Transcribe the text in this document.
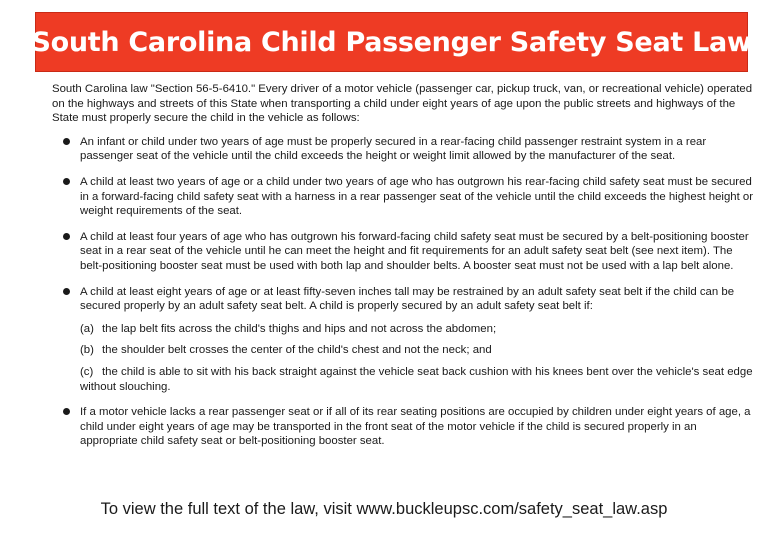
South Carolina Child Passenger Safety Seat Law

South Carolina law "Section 56-5-6410." Every driver of a motor vehicle (passenger car, pickup truck, van, or recreational vehicle) operated on the highways and streets of this State when transporting a child under eight years of age upon the public streets and highways of the State must properly secure the child in the vehicle as follows:

An infant or child under two years of age must be properly secured in a rear-facing child passenger restraint system in a rear passenger seat of the vehicle until the child exceeds the height or weight limit allowed by the manufacturer of the seat.
A child at least two years of age or a child under two years of age who has outgrown his rear-facing child safety seat must be secured in a forward-facing child safety seat with a harness in a rear passenger seat of the vehicle until the child exceeds the highest height or weight requirements of the seat.
A child at least four years of age who has outgrown his forward-facing child safety seat must be secured by a belt-positioning booster seat in a rear seat of the vehicle until he can meet the height and fit requirements for an adult safety seat belt (see next item). The belt-positioning booster seat must be used with both lap and shoulder belts. A booster seat must not be used with a lap belt alone.
A child at least eight years of age or at least fifty-seven inches tall may be restrained by an adult safety seat belt if the child can be secured properly by an adult safety seat belt. A child is properly secured by an adult safety seat belt if:
(a) the lap belt fits across the child's thighs and hips and not across the abdomen;
(b) the shoulder belt crosses the center of the child's chest and not the neck; and
(c) the child is able to sit with his back straight against the vehicle seat back cushion with his knees bent over the vehicle's seat edge without slouching.
If a motor vehicle lacks a rear passenger seat or if all of its rear seating positions are occupied by children under eight years of age, a child under eight years of age may be transported in the front seat of the motor vehicle if the child is secured properly in an appropriate child safety seat or belt-positioning booster seat.
To view the full text of the law, visit www.buckleupsc.com/safety_seat_law.asp
